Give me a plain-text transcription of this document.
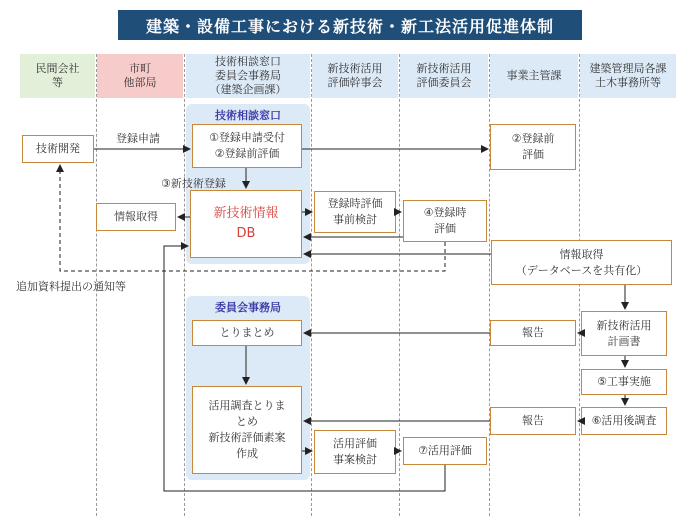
建築・設備工事における新技術・新工法活用促進体制
民間会社
等
市町
他部局
技術相談窓口
委員会事務局
（建築企画課）
新技術活用
評価幹事会
新技術活用
評価委員会
事業主管課
建築管理局各課
土木事務所等
技術相談窓口
委員会事務局
技術開発
①登録申請受付
②登録前評価
②登録前
評価
情報取得	新技術情報
DB
登録時評価
事前検討
④登録時
評価
情報取得
（データベースを共有化）
とりまとめ	報告
新技術活用
計画書
⑤工事実施
活用調査とりま
とめ
新技術評価素案
作成
報告	⑥活用後調査
活用評価
事案検討
⑦活用評価
登録申請
③新技術登録
追加資料提出の通知等
